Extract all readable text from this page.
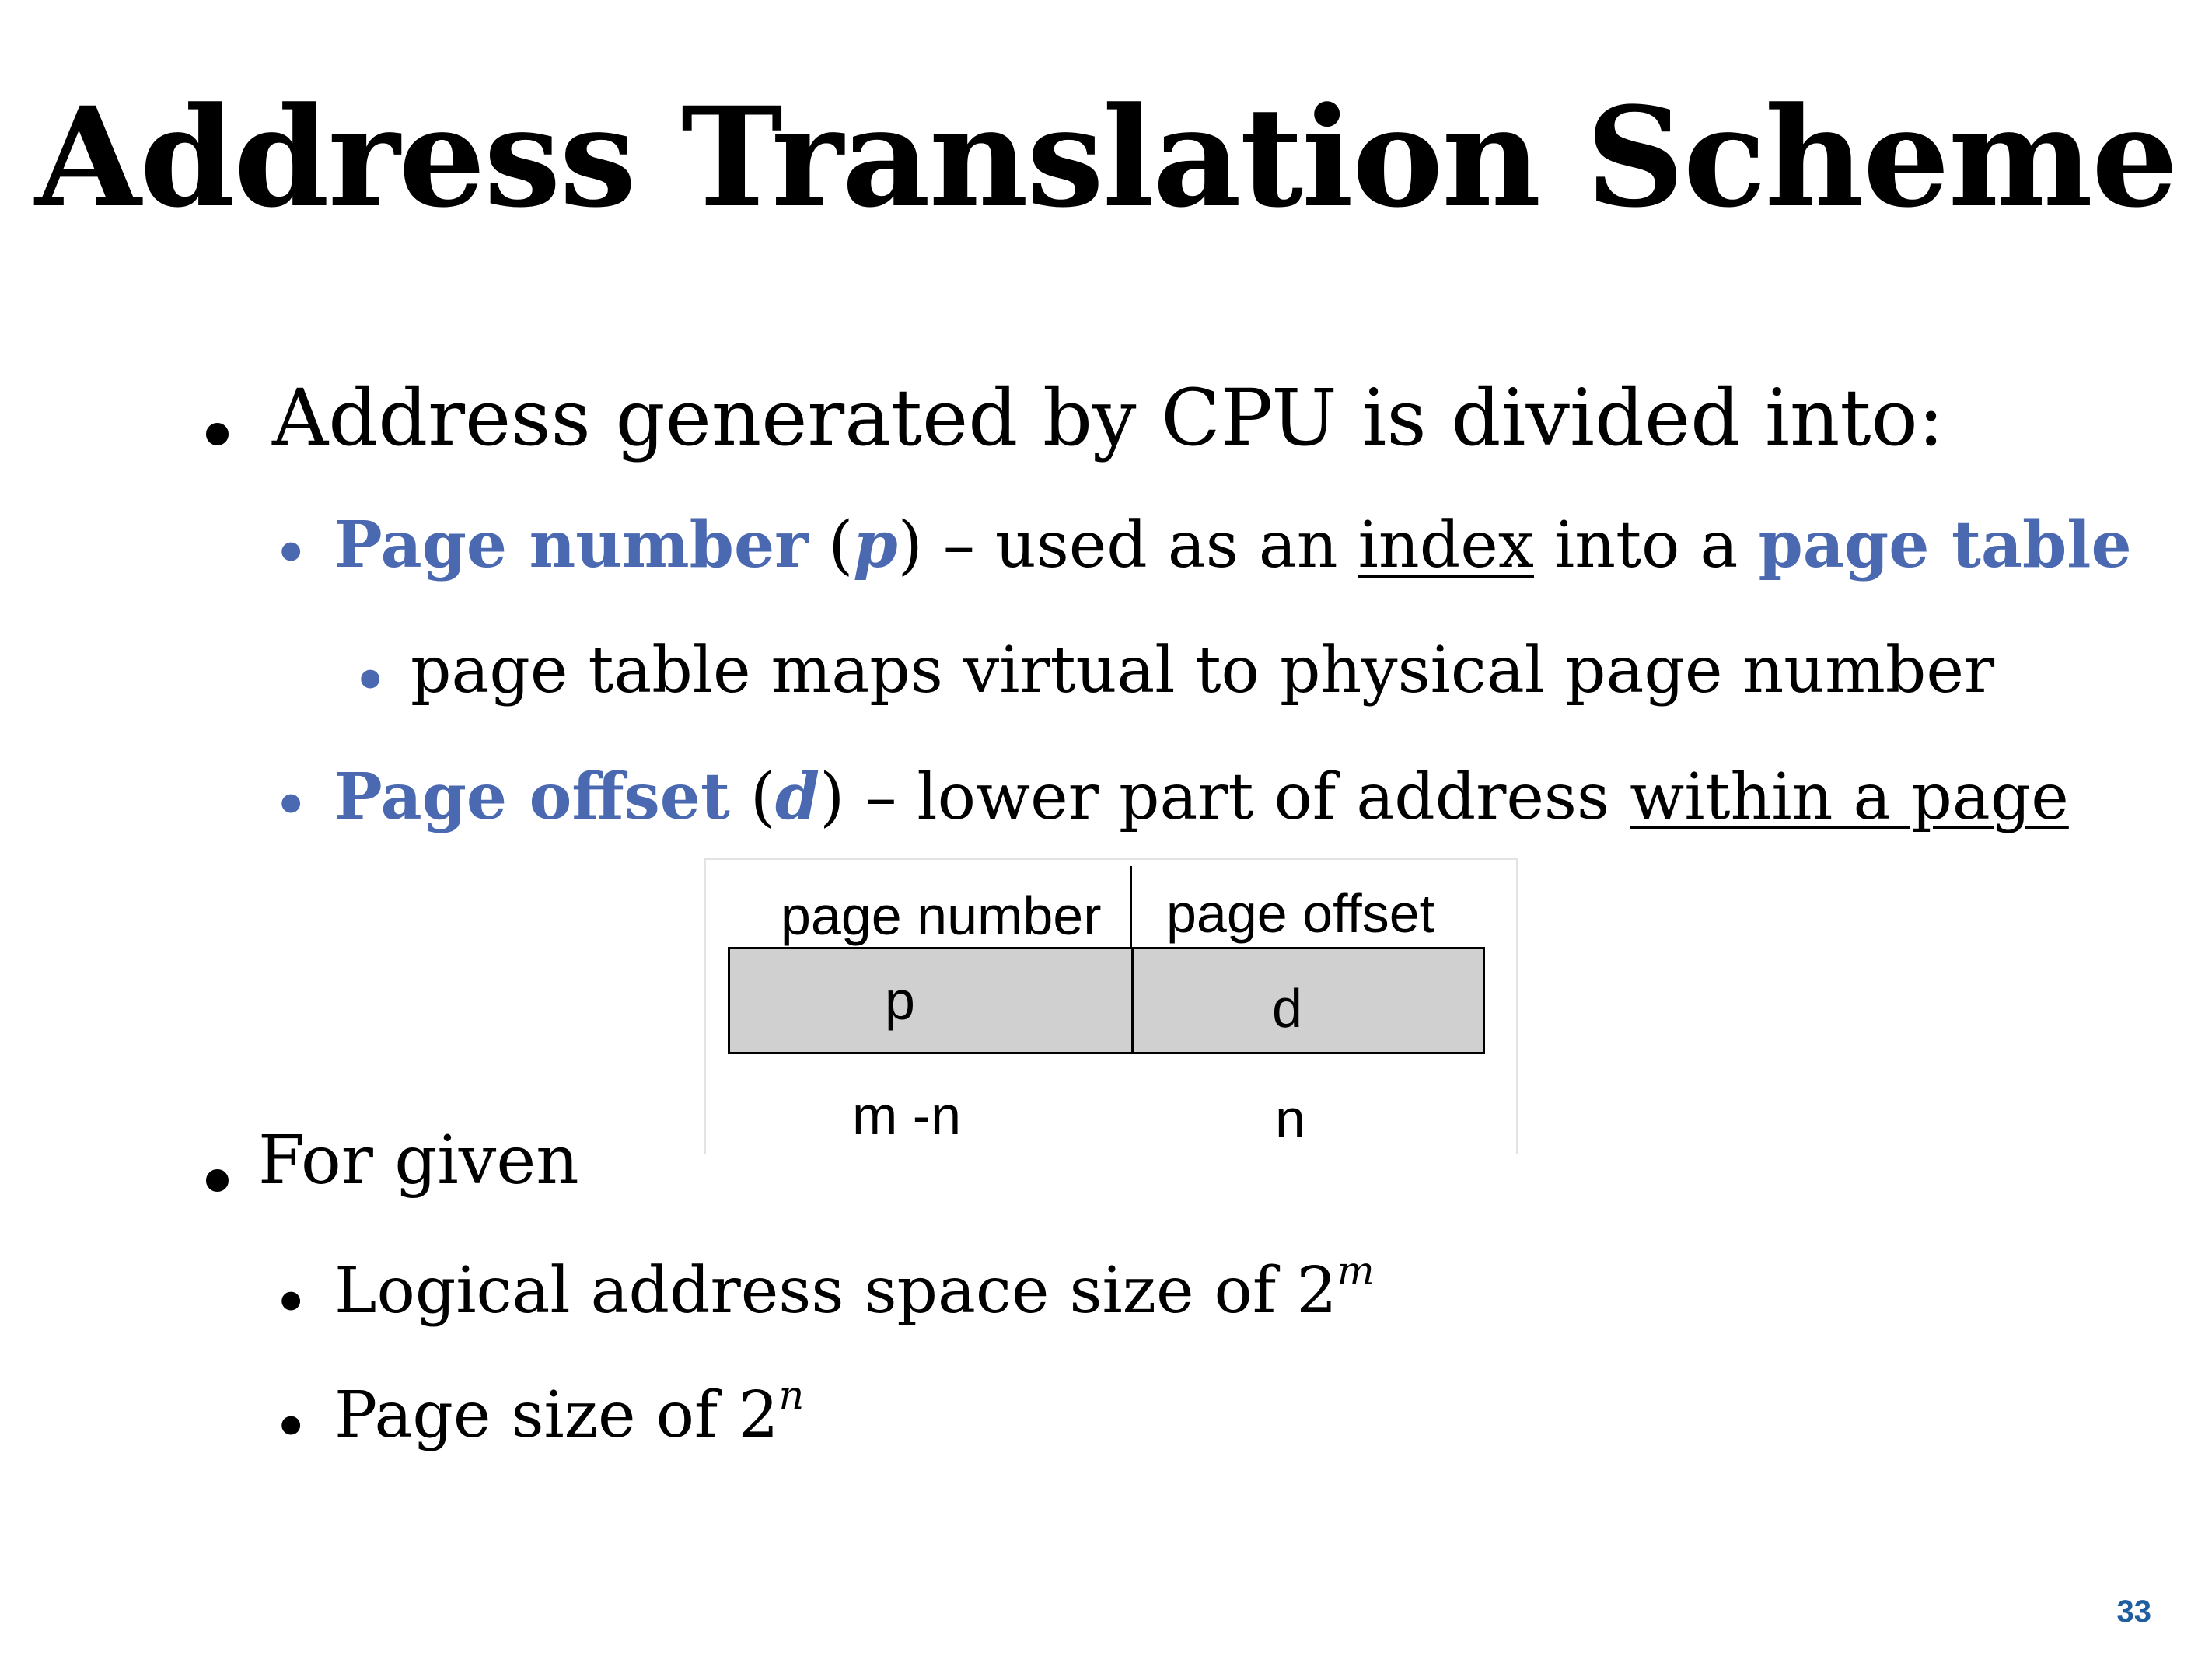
Address Translation Scheme
• Address generated by CPU is divided into:
• Page number (p) – used as an index into a page table
• page table maps virtual to physical page number
• Page offset (d) – lower part of address within a page
page number page offset
p	d
m -n	n
• For given
• Logical address space size of 2$^m$
• Page size of 2$^n$
33
